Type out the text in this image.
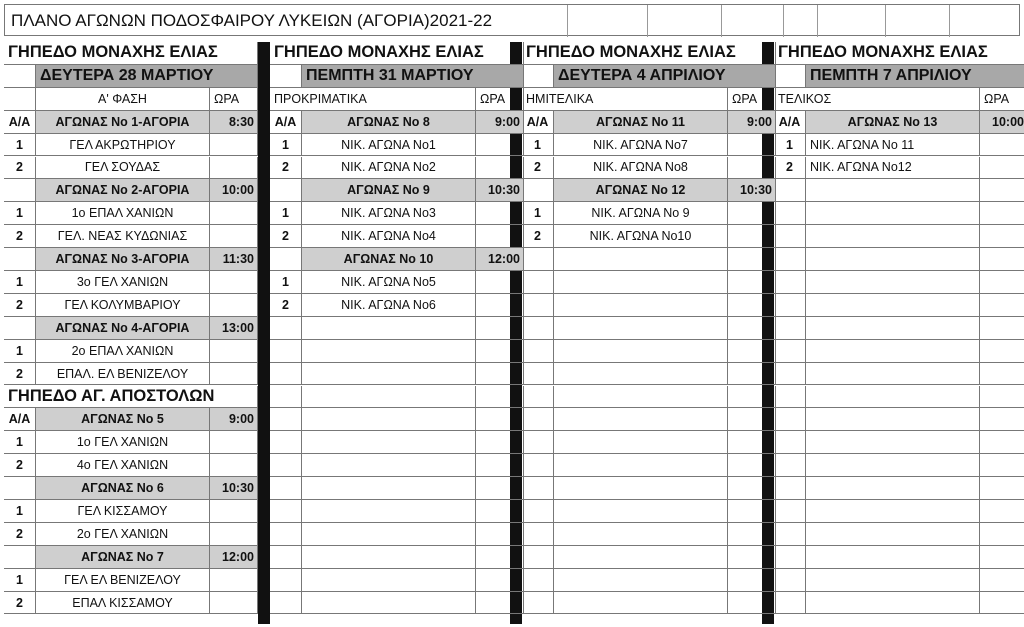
ΠΛΑΝΟ ΑΓΩΝΩΝ ΠΟΔΟΣΦΑΙΡΟΥ ΛΥΚΕΙΩΝ (ΑΓΟΡΙΑ)2021-22
ΓΗΠΕΔΟ ΜΟΝΑΧΗΣ ΕΛΙΑΣ
ΔΕΥΤΕΡΑ 28 ΜΑΡΤΙΟΥ
Α' ΦΑΣΗ	ΩΡΑ
Α/Α	ΑΓΩΝΑΣ Νο 1-ΑΓΟΡΙΑ	8:30
1	ΓΕΛ ΑΚΡΩΤΗΡΙΟΥ
2	ΓΕΛ ΣΟΥΔΑΣ
ΑΓΩΝΑΣ Νο 2-ΑΓΟΡΙΑ	10:00
1	1ο ΕΠΑΛ ΧΑΝΙΩΝ
2	ΓΕΛ. ΝΕΑΣ ΚΥΔΩΝΙΑΣ
ΑΓΩΝΑΣ Νο 3-ΑΓΟΡΙΑ	11:30
1	3ο ΓΕΛ ΧΑΝΙΩΝ
2	ΓΕΛ ΚΟΛΥΜΒΑΡΙΟΥ
ΑΓΩΝΑΣ Νο 4-ΑΓΟΡΙΑ	13:00
1	2ο ΕΠΑΛ ΧΑΝΙΩΝ
2	ΕΠΑΛ. ΕΛ ΒΕΝΙΖΕΛΟΥ
ΓΗΠΕΔΟ ΑΓ. ΑΠΟΣΤΟΛΩΝ
Α/Α	ΑΓΩΝΑΣ Νο 5	9:00
1	1ο ΓΕΛ ΧΑΝΙΩΝ
2	4ο ΓΕΛ ΧΑΝΙΩΝ
ΑΓΩΝΑΣ Νο 6	10:30
1	ΓΕΛ ΚΙΣΣΑΜΟΥ
2	2ο ΓΕΛ ΧΑΝΙΩΝ
ΑΓΩΝΑΣ Νο 7	12:00
1	ΓΕΛ ΕΛ ΒΕΝΙΖΕΛΟΥ
2	ΕΠΑΛ ΚΙΣΣΑΜΟΥ
ΓΗΠΕΔΟ ΜΟΝΑΧΗΣ ΕΛΙΑΣ
ΠΕΜΠΤΗ 31 ΜΑΡΤΙΟΥ
ΠΡΟΚΡΙΜΑΤΙΚΑ	ΩΡΑ
Α/Α	ΑΓΩΝΑΣ Νο 8	9:00
1	ΝΙΚ. ΑΓΩΝΑ Νο1
2	ΝΙΚ. ΑΓΩΝΑ Νο2
ΑΓΩΝΑΣ Νο 9	10:30
1	ΝΙΚ. ΑΓΩΝΑ Νο3
2	ΝΙΚ. ΑΓΩΝΑ Νο4
ΑΓΩΝΑΣ Νο 10	12:00
1	ΝΙΚ. ΑΓΩΝΑ Νο5
2	ΝΙΚ. ΑΓΩΝΑ Νο6
ΓΗΠΕΔΟ ΜΟΝΑΧΗΣ ΕΛΙΑΣ
ΔΕΥΤΕΡΑ 4 ΑΠΡΙΛΙΟΥ
ΗΜΙΤΕΛΙΚΑ	ΩΡΑ
Α/Α	ΑΓΩΝΑΣ Νο 11	9:00
1	ΝΙΚ. ΑΓΩΝΑ Νο7
2	ΝΙΚ. ΑΓΩΝΑ Νο8
ΑΓΩΝΑΣ Νο 12	10:30
1	ΝΙΚ. ΑΓΩΝΑ Νο 9
2	ΝΙΚ. ΑΓΩΝΑ Νο10
ΓΗΠΕΔΟ ΜΟΝΑΧΗΣ ΕΛΙΑΣ
ΠΕΜΠΤΗ 7 ΑΠΡΙΛΙΟΥ
ΤΕΛΙΚΟΣ	ΩΡΑ
Α/Α	ΑΓΩΝΑΣ Νο 13	10:00
1	ΝΙΚ. ΑΓΩΝΑ Νο 11
2	ΝΙΚ. ΑΓΩΝΑ Νο12
